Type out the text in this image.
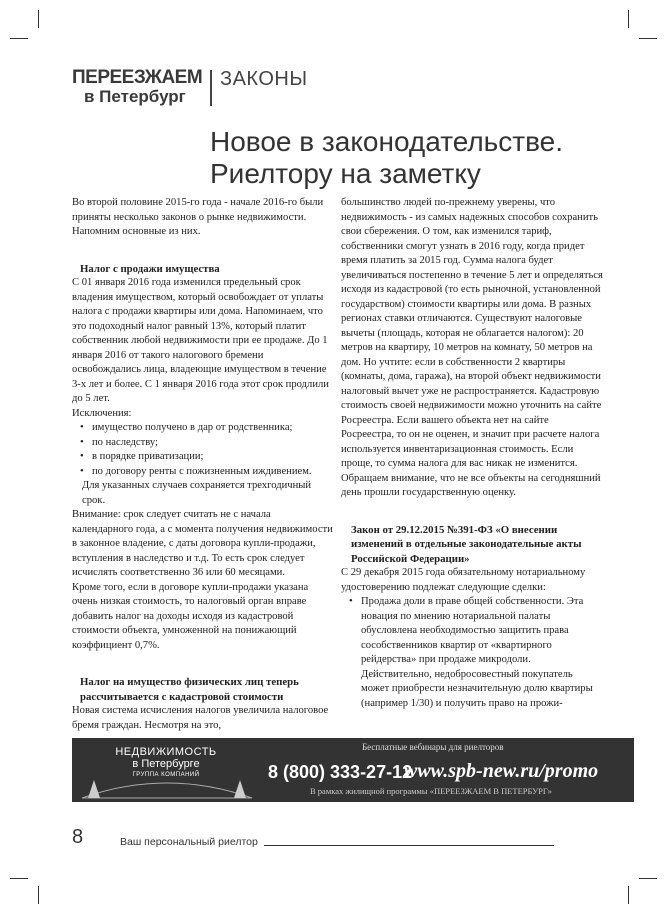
ПЕРЕЕЗЖАЕМ
в Петербург
ЗАКОНЫ
Новое в законодательстве.
Риелтору на заметку

Во второй половине 2015-го года - начале 2016-го были приняты несколько законов о рынке недвижимости. Напомним основные из них.

Налог с продажи имущества

С 01 января 2016 года изменился предельный срок владения имуществом, который освобождает от уплаты налога с продажи квартиры или дома. Напоминаем, что это подоходный налог равный 13%, который платит собственник любой недвижимости при ее продаже. До 1 января 2016 от такого налогового бремени освобождались лица, владеющие имуществом в течение 3-х лет и более. С 1 января 2016 года этот срок продлили до 5 лет.

Исключения:

• имущество получено в дар от родственника;
• по наследству;
• в порядке приватизации;
• по договору ренты с пожизненным иждивением.

Для указанных случаев сохраняется трехгодичный срок.

Внимание: срок следует считать не с начала календарного года, а с момента получения недвижимости в законное владение, с даты договора купли-продажи, вступления в наследство и т.д. То есть срок следует исчислять соответственно 36 или 60 месяцами.

Кроме того, если в договоре купли-продажи указана очень низкая стоимость, то налоговый орган вправе добавить налог на доходы исходя из кадастровой стоимости объекта, умноженной на понижающий коэффициент 0,7%.

Налог на имущество физических лиц теперь рассчитывается с кадастровой стоимости

Новая система исчисления налогов увеличила налоговое бремя граждан. Несмотря на это,

большинство людей по-прежнему уверены, что недвижимость - из самых надежных способов сохранить свои сбережения. О том, как изменился тариф, собственники смогут узнать в 2016 году, когда придет время платить за 2015 год. Сумма налога будет увеличиваться постепенно в течение 5 лет и определяться исходя из кадастровой (то есть рыночной, установленной государством) стоимости квартиры или дома. В разных регионах ставки отличаются. Существуют налоговые вычеты (площадь, которая не облагается налогом): 20 метров на квартиру, 10 метров на комнату, 50 метров на дом. Но учтите: если в собственности 2 квартиры (комнаты, дома, гаража), на второй объект недвижимости налоговый вычет уже не распространяется. Кадастровую стоимость своей недвижимости можно уточнить на сайте Росреестра. Если вашего объекта нет на сайте Росреестра, то он не оценен, и значит при расчете налога используется инвентаризационная стоимость. Если проще, то сумма налога для вас никак не изменится. Обращаем внимание, что не все объекты на сегодняшний день прошли государственную оценку.

Закон от 29.12.2015 №391-ФЗ «О внесении изменений в отдельные законодательные акты Российской Федерации»

С 29 декабря 2015 года обязательному нотариальному удостоверению подлежат следующие сделки:

• Продажа доли в праве общей собственности. Эта новация по мнению нотариальной палаты обусловлена необходимостью защитить права сособственников квартир от «квартирного рейдерства» при продаже микродоли. Действительно, недобросовестный покупатель может приобрести незначительную долю квартиры (например 1/30) и получить право на прожи-
НЕДВИЖИМОСТЬ
в Петербурге
ГРУППА КОМПАНИЙ
Бесплатные вебинары для риелторов
8 (800) 333-27-12
www.spb-new.ru/promo
В рамках жилищной программы «ПЕРЕЕЗЖАЕМ В ПЕТЕРБУРГ»
8	Ваш персональный риелтор
